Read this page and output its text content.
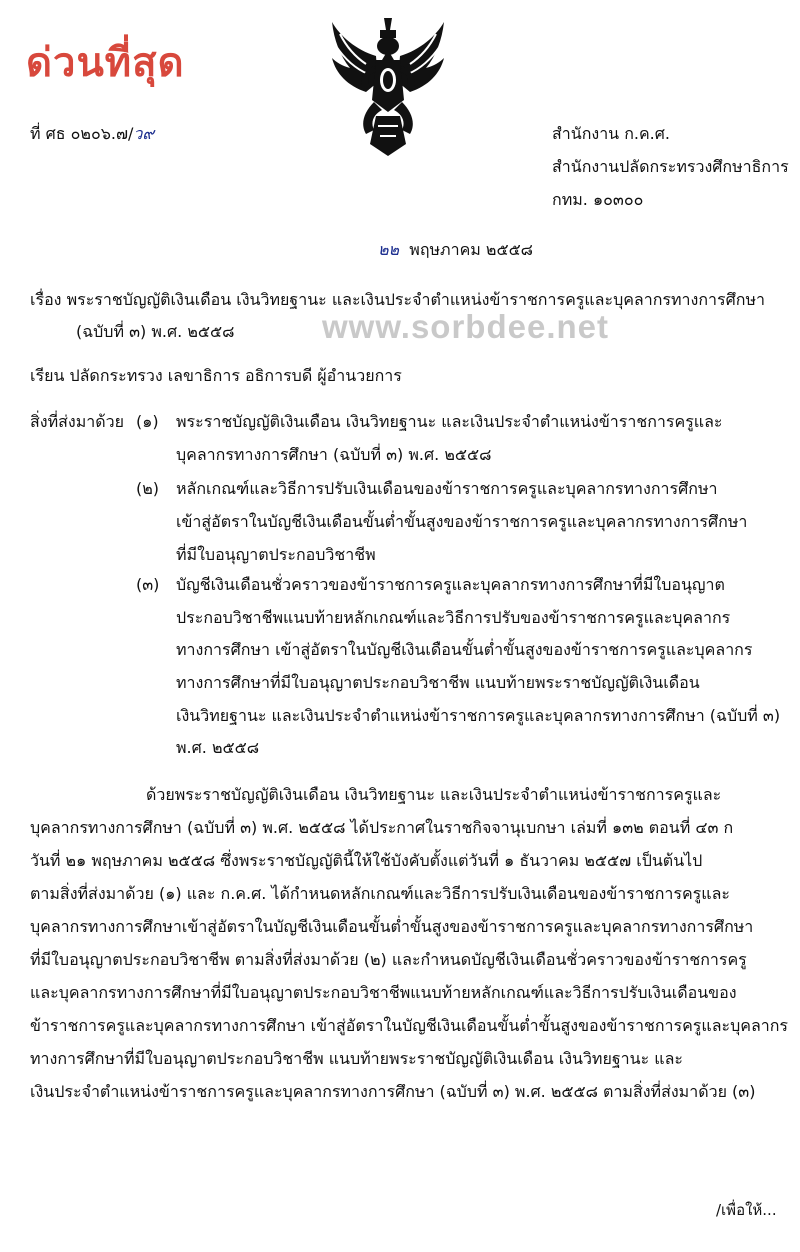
ด่วนที่สุด
ที่ ศธ ๐๒๐๖.๗/ว๙	สำนักงาน ก.ค.ศ.
สำนักงานปลัดกระทรวงศึกษาธิการ
กทม. ๑๐๓๐๐
๒๒ พฤษภาคม ๒๕๕๘
เรื่อง พระราชบัญญัติเงินเดือน เงินวิทยฐานะ และเงินประจำตำแหน่งข้าราชการครูและบุคลากรทางการศึกษา
(ฉบับที่ ๓) พ.ศ. ๒๕๕๘	www.sorbdee.net
เรียน ปลัดกระทรวง เลขาธิการ อธิการบดี ผู้อำนวยการ
สิ่งที่ส่งมาด้วย (๑) พระราชบัญญัติเงินเดือน เงินวิทยฐานะ และเงินประจำตำแหน่งข้าราชการครูและ
บุคลากรทางการศึกษา (ฉบับที่ ๓) พ.ศ. ๒๕๕๘
(๒) หลักเกณฑ์และวิธีการปรับเงินเดือนของข้าราชการครูและบุคลากรทางการศึกษา
เข้าสู่อัตราในบัญชีเงินเดือนขั้นต่ำขั้นสูงของข้าราชการครูและบุคลากรทางการศึกษา
ที่มีใบอนุญาตประกอบวิชาชีพ
(๓) บัญชีเงินเดือนชั่วคราวของข้าราชการครูและบุคลากรทางการศึกษาที่มีใบอนุญาต
ประกอบวิชาชีพแนบท้ายหลักเกณฑ์และวิธีการปรับของข้าราชการครูและบุคลากร
ทางการศึกษา เข้าสู่อัตราในบัญชีเงินเดือนขั้นต่ำขั้นสูงของข้าราชการครูและบุคลากร
ทางการศึกษาที่มีใบอนุญาตประกอบวิชาชีพ แนบท้ายพระราชบัญญัติเงินเดือน
เงินวิทยฐานะ และเงินประจำตำแหน่งข้าราชการครูและบุคลากรทางการศึกษา (ฉบับที่ ๓)
พ.ศ. ๒๕๕๘
ด้วยพระราชบัญญัติเงินเดือน เงินวิทยฐานะ และเงินประจำตำแหน่งข้าราชการครูและ
บุคลากรทางการศึกษา (ฉบับที่ ๓) พ.ศ. ๒๕๕๘ ได้ประกาศในราชกิจจานุเบกษา เล่มที่ ๑๓๒ ตอนที่ ๔๓ ก
วันที่ ๒๑ พฤษภาคม ๒๕๕๘ ซึ่งพระราชบัญญัตินี้ให้ใช้บังคับตั้งแต่วันที่ ๑ ธันวาคม ๒๕๕๗ เป็นต้นไป
ตามสิ่งที่ส่งมาด้วย (๑) และ ก.ค.ศ. ได้กำหนดหลักเกณฑ์และวิธีการปรับเงินเดือนของข้าราชการครูและ
บุคลากรทางการศึกษาเข้าสู่อัตราในบัญชีเงินเดือนขั้นต่ำขั้นสูงของข้าราชการครูและบุคลากรทางการศึกษา
ที่มีใบอนุญาตประกอบวิชาชีพ ตามสิ่งที่ส่งมาด้วย (๒) และกำหนดบัญชีเงินเดือนชั่วคราวของข้าราชการครู
และบุคลากรทางการศึกษาที่มีใบอนุญาตประกอบวิชาชีพแนบท้ายหลักเกณฑ์และวิธีการปรับเงินเดือนของ
ข้าราชการครูและบุคลากรทางการศึกษา เข้าสู่อัตราในบัญชีเงินเดือนขั้นต่ำขั้นสูงของข้าราชการครูและบุคลากร
ทางการศึกษาที่มีใบอนุญาตประกอบวิชาชีพ แนบท้ายพระราชบัญญัติเงินเดือน เงินวิทยฐานะ และ
เงินประจำตำแหน่งข้าราชการครูและบุคลากรทางการศึกษา (ฉบับที่ ๓) พ.ศ. ๒๕๕๘ ตามสิ่งที่ส่งมาด้วย (๓)
/เพื่อให้...
